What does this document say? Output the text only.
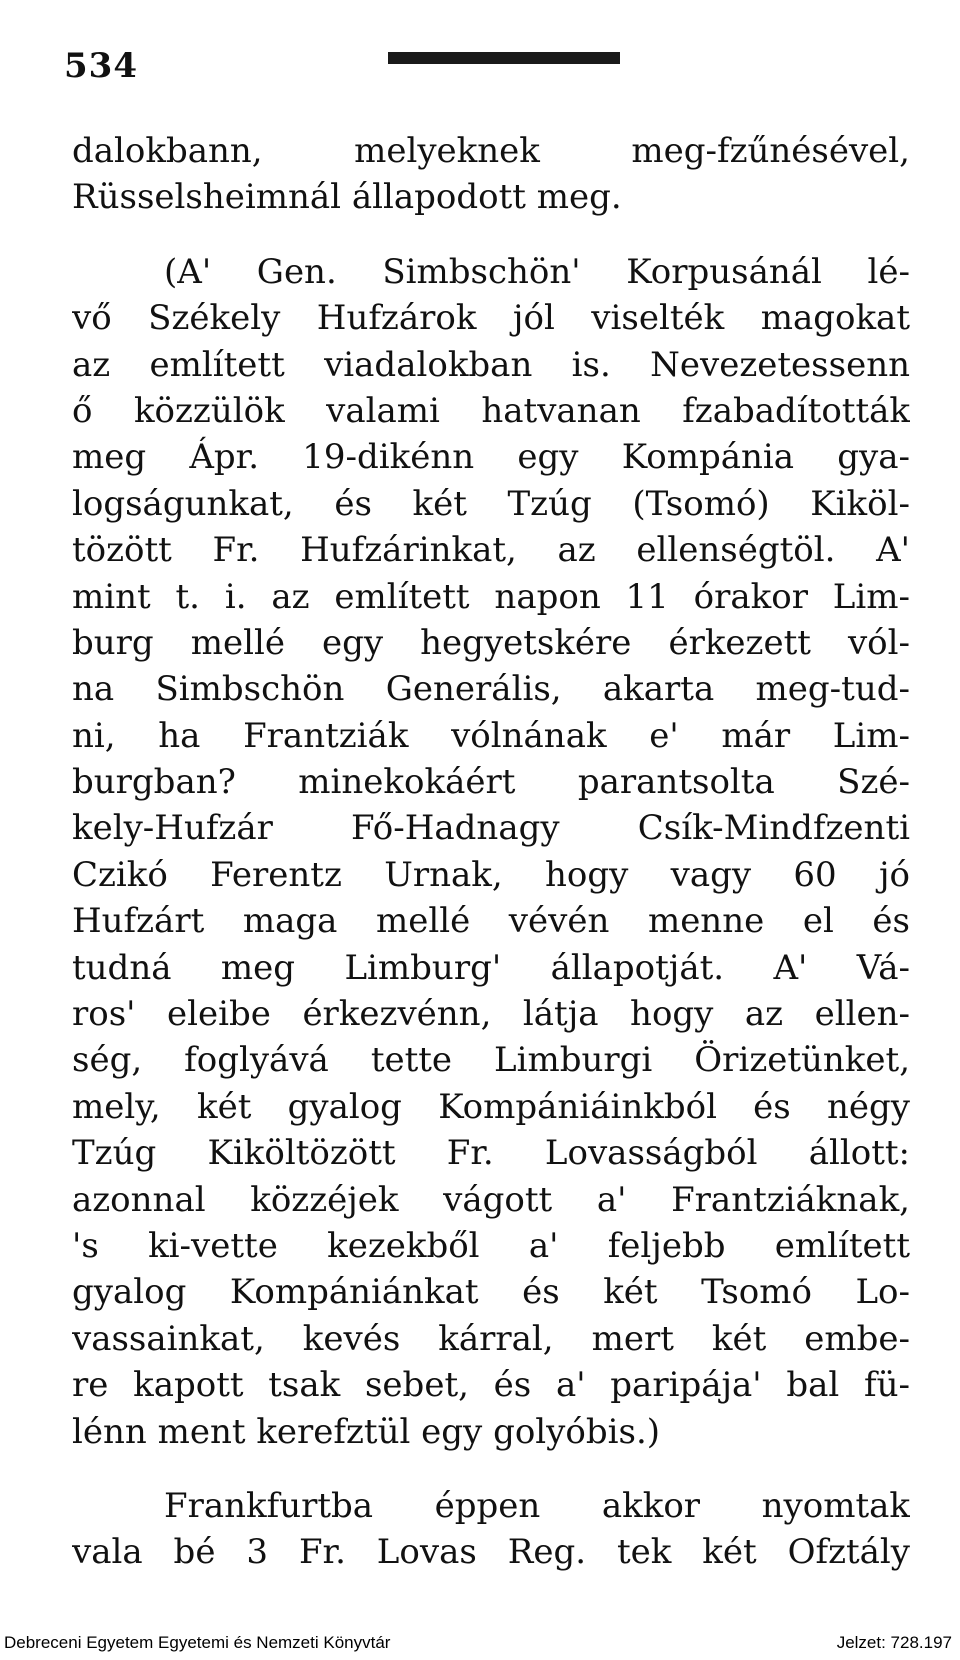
534
dalokbann, melyeknek meg-fzűnésével,
Rüsselsheimnál állapodott meg.
(A' Gen. Simbschön' Korpusánál lé-
vő Székely Hufzárok jól viselték magokat
az említett viadalokban is. Nevezetessenn
ő közzülök valami hatvanan fzabadították
meg Ápr. 19-dikénn egy Kompánia gya-
logságunkat, és két Tzúg (Tsomó) Kiköl-
tözött Fr. Hufzárinkat, az ellenségtöl. A'
mint t. i. az említett napon 11 órakor Lim-
burg mellé egy hegyetskére érkezett vól-
na Simbschön Generális, akarta meg-tud-
ni, ha Frantziák vólnának e' már Lim-
burgban? minekokáért parantsolta Szé-
kely-Hufzár Fő-Hadnagy Csík-Mindfzenti
Czikó Ferentz Urnak, hogy vagy 60 jó
Hufzárt maga mellé vévén menne el és
tudná meg Limburg' állapotját. A' Vá-
ros' eleibe érkezvénn, látja hogy az ellen-
ség, foglyává tette Limburgi Örizetünket,
mely, két gyalog Kompániáinkból és négy
Tzúg Kiköltözött Fr. Lovasságból állott:
azonnal közzéjek vágott a' Frantziáknak,
's ki-vette kezekből a' feljebb említett
gyalog Kompániánkat és két Tsomó Lo-
vassainkat, kevés kárral, mert két embe-
re kapott tsak sebet, és a' paripája' bal fü-
lénn ment kerefztül egy golyóbis.)
Frankfurtba éppen akkor nyomtak
vala bé 3 Fr. Lovas Reg. tek két Ofztály
Debreceni Egyetem Egyetemi és Nemzeti Könyvtár	Jelzet: 728.197
